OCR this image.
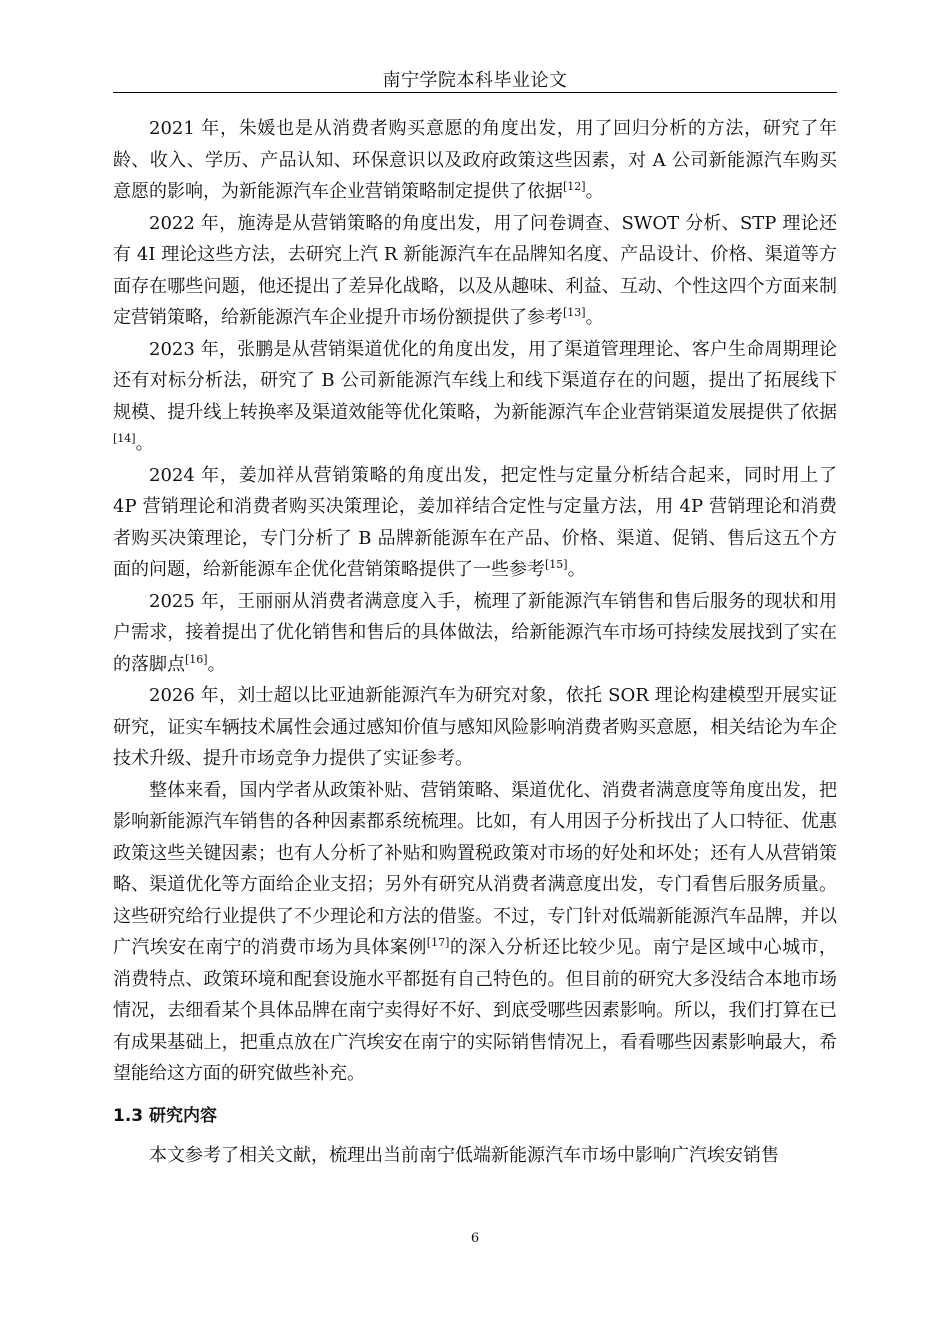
南宁学院本科毕业论文

2021 年，朱媛也是从消费者购买意愿的角度出发，用了回归分析的方法，研究了年龄、收入、学历、产品认知、环保意识以及政府政策这些因素，对 A 公司新能源汽车购买意愿的影响，为新能源汽车企业营销策略制定提供了依据[12]。

2022 年，施涛是从营销策略的角度出发，用了问卷调查、SWOT 分析、STP 理论还有 4I 理论这些方法，去研究上汽 R 新能源汽车在品牌知名度、产品设计、价格、渠道等方面存在哪些问题，他还提出了差异化战略，以及从趣味、利益、互动、个性这四个方面来制定营销策略，给新能源汽车企业提升市场份额提供了参考[13]。

2023 年，张鹏是从营销渠道优化的角度出发，用了渠道管理理论、客户生命周期理论还有对标分析法，研究了 B 公司新能源汽车线上和线下渠道存在的问题，提出了拓展线下规模、提升线上转换率及渠道效能等优化策略，为新能源汽车企业营销渠道发展提供了依据[14]。

2024 年，姜加祥从营销策略的角度出发，把定性与定量分析结合起来，同时用上了 4P 营销理论和消费者购买决策理论，姜加祥结合定性与定量方法，用 4P 营销理论和消费者购买决策理论，专门分析了 B 品牌新能源车在产品、价格、渠道、促销、售后这五个方面的问题，给新能源车企优化营销策略提供了一些参考[15]。

2025 年，王丽丽从消费者满意度入手，梳理了新能源汽车销售和售后服务的现状和用户需求，接着提出了优化销售和售后的具体做法，给新能源汽车市场可持续发展找到了实在的落脚点[16]。

2026 年，刘士超以比亚迪新能源汽车为研究对象，依托 SOR 理论构建模型开展实证研究，证实车辆技术属性会通过感知价值与感知风险影响消费者购买意愿，相关结论为车企技术升级、提升市场竞争力提供了实证参考。

整体来看，国内学者从政策补贴、营销策略、渠道优化、消费者满意度等角度出发，把影响新能源汽车销售的各种因素都系统梳理。比如，有人用因子分析找出了人口特征、优惠政策这些关键因素；也有人分析了补贴和购置税政策对市场的好处和坏处；还有人从营销策略、渠道优化等方面给企业支招；另外有研究从消费者满意度出发，专门看售后服务质量。这些研究给行业提供了不少理论和方法的借鉴。不过，专门针对低端新能源汽车品牌，并以广汽埃安在南宁的消费市场为具体案例[17]的深入分析还比较少见。南宁是区域中心城市，消费特点、政策环境和配套设施水平都挺有自己特色的。但目前的研究大多没结合本地市场情况，去细看某个具体品牌在南宁卖得好不好、到底受哪些因素影响。所以，我们打算在已有成果基础上，把重点放在广汽埃安在南宁的实际销售情况上，看看哪些因素影响最大，希望能给这方面的研究做些补充。

1.3 研究内容

本文参考了相关文献，梳理出当前南宁低端新能源汽车市场中影响广汽埃安销售

6
